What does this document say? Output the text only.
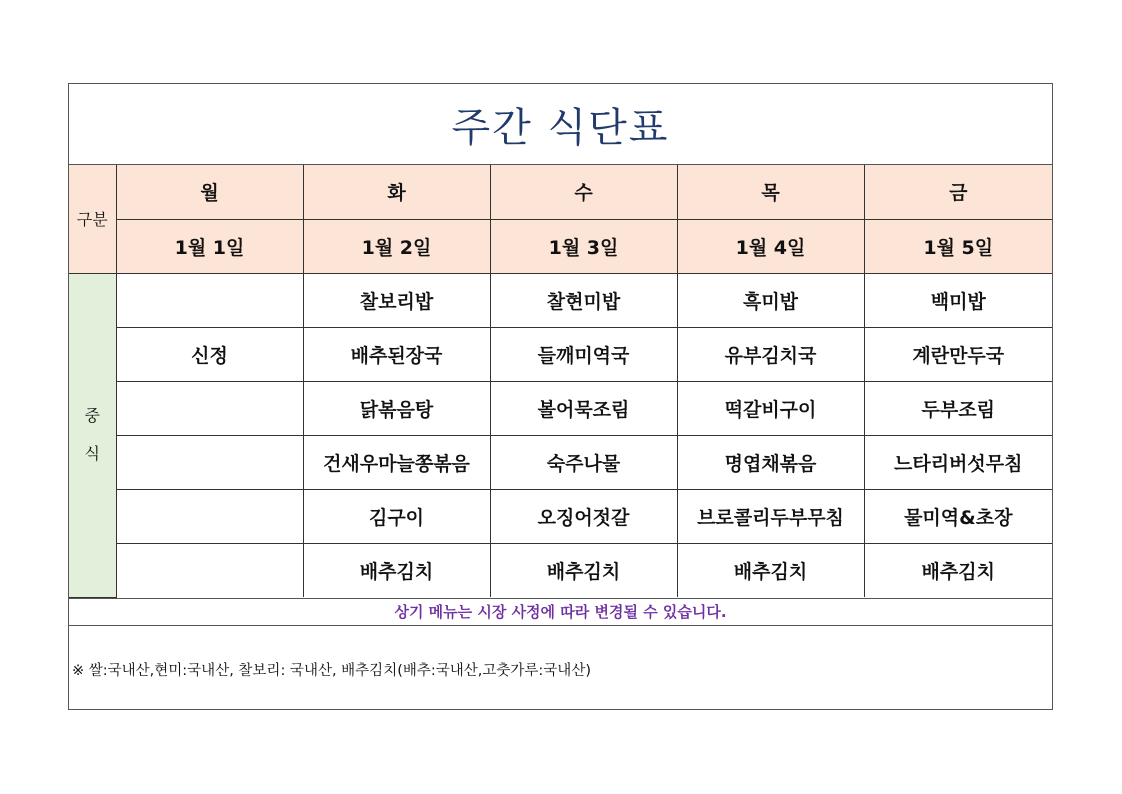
주간 식단표
구분	월	화	수	목	금
	1월 1일	1월 2일	1월 3일	1월 4일	1월 5일

중
식		찰보리밥	찰현미밥	흑미밥	백미밥
	신정	배추된장국	들깨미역국	유부김치국	계란만두국
		닭볶음탕	볼어묵조림	떡갈비구이	두부조림
		건새우마늘쫑볶음	숙주나물	명엽채볶음	느타리버섯무침
		김구이	오징어젓갈	브로콜리두부무침	물미역&초장
		배추김치	배추김치	배추김치	배추김치
상기 메뉴는 시장 사정에 따라 변경될 수 있습니다.
※ 쌀:국내산,현미:국내산, 찰보리: 국내산, 배추김치(배추:국내산,고춧가루:국내산)
